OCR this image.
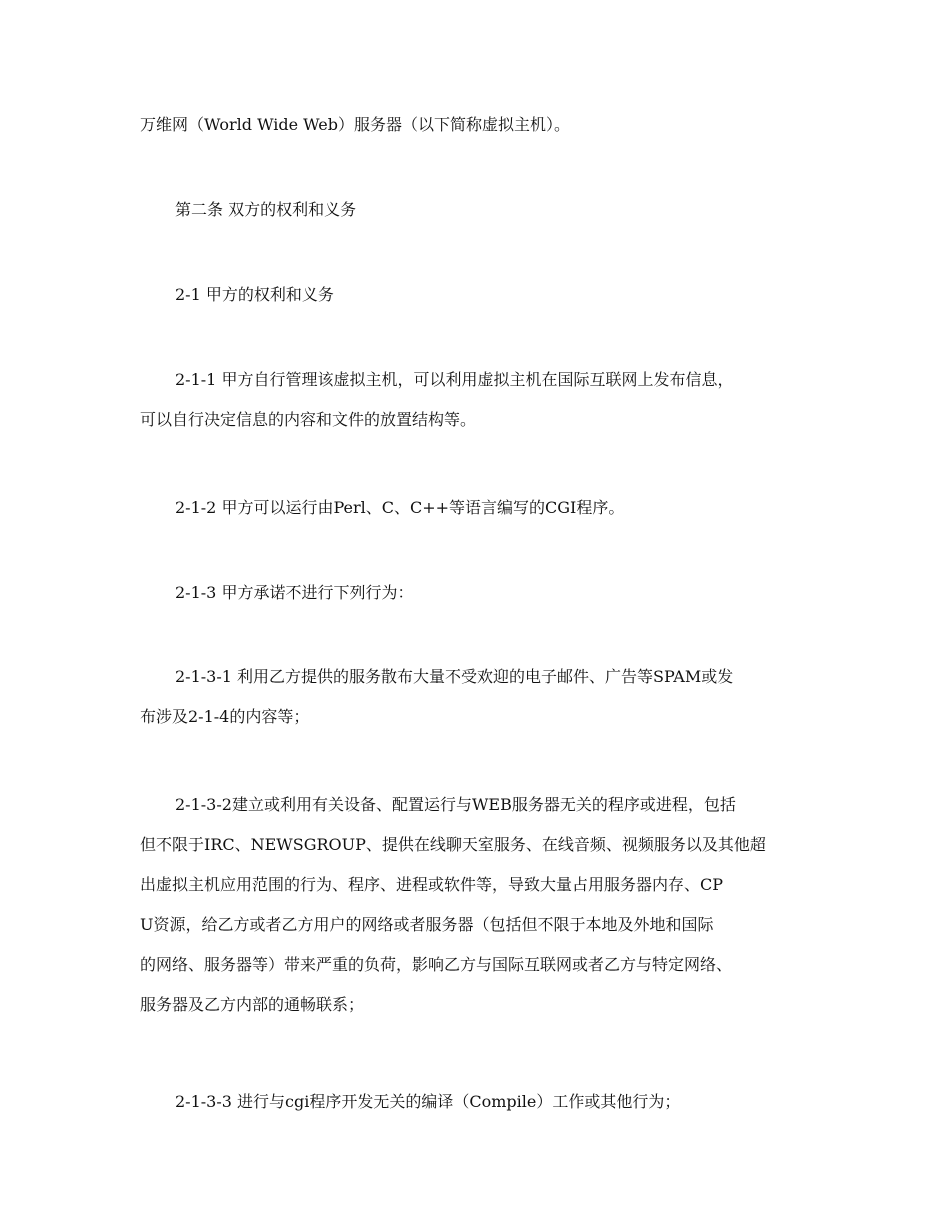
万维网（World Wide Web）服务器（以下简称虚拟主机）。

第二条 双方的权利和义务

2-1 甲方的权利和义务

2-1-1 甲方自行管理该虚拟主机，可以利用虚拟主机在国际互联网上发布信息，
可以自行决定信息的内容和文件的放置结构等。

2-1-2 甲方可以运行由Perl、C、C++等语言编写的CGI程序。

2-1-3 甲方承诺不进行下列行为：

2-1-3-1 利用乙方提供的服务散布大量不受欢迎的电子邮件、广告等SPAM或发
布涉及2-1-4的内容等；

2-1-3-2建立或利用有关设备、配置运行与WEB服务器无关的程序或进程，包括
但不限于IRC、NEWSGROUP、提供在线聊天室服务、在线音频、视频服务以及其他超
出虚拟主机应用范围的行为、程序、进程或软件等，导致大量占用服务器内存、CP
U资源，给乙方或者乙方用户的网络或者服务器（包括但不限于本地及外地和国际
的网络、服务器等）带来严重的负荷，影响乙方与国际互联网或者乙方与特定网络、
服务器及乙方内部的通畅联系；

2-1-3-3 进行与cgi程序开发无关的编译（Compile）工作或其他行为；
